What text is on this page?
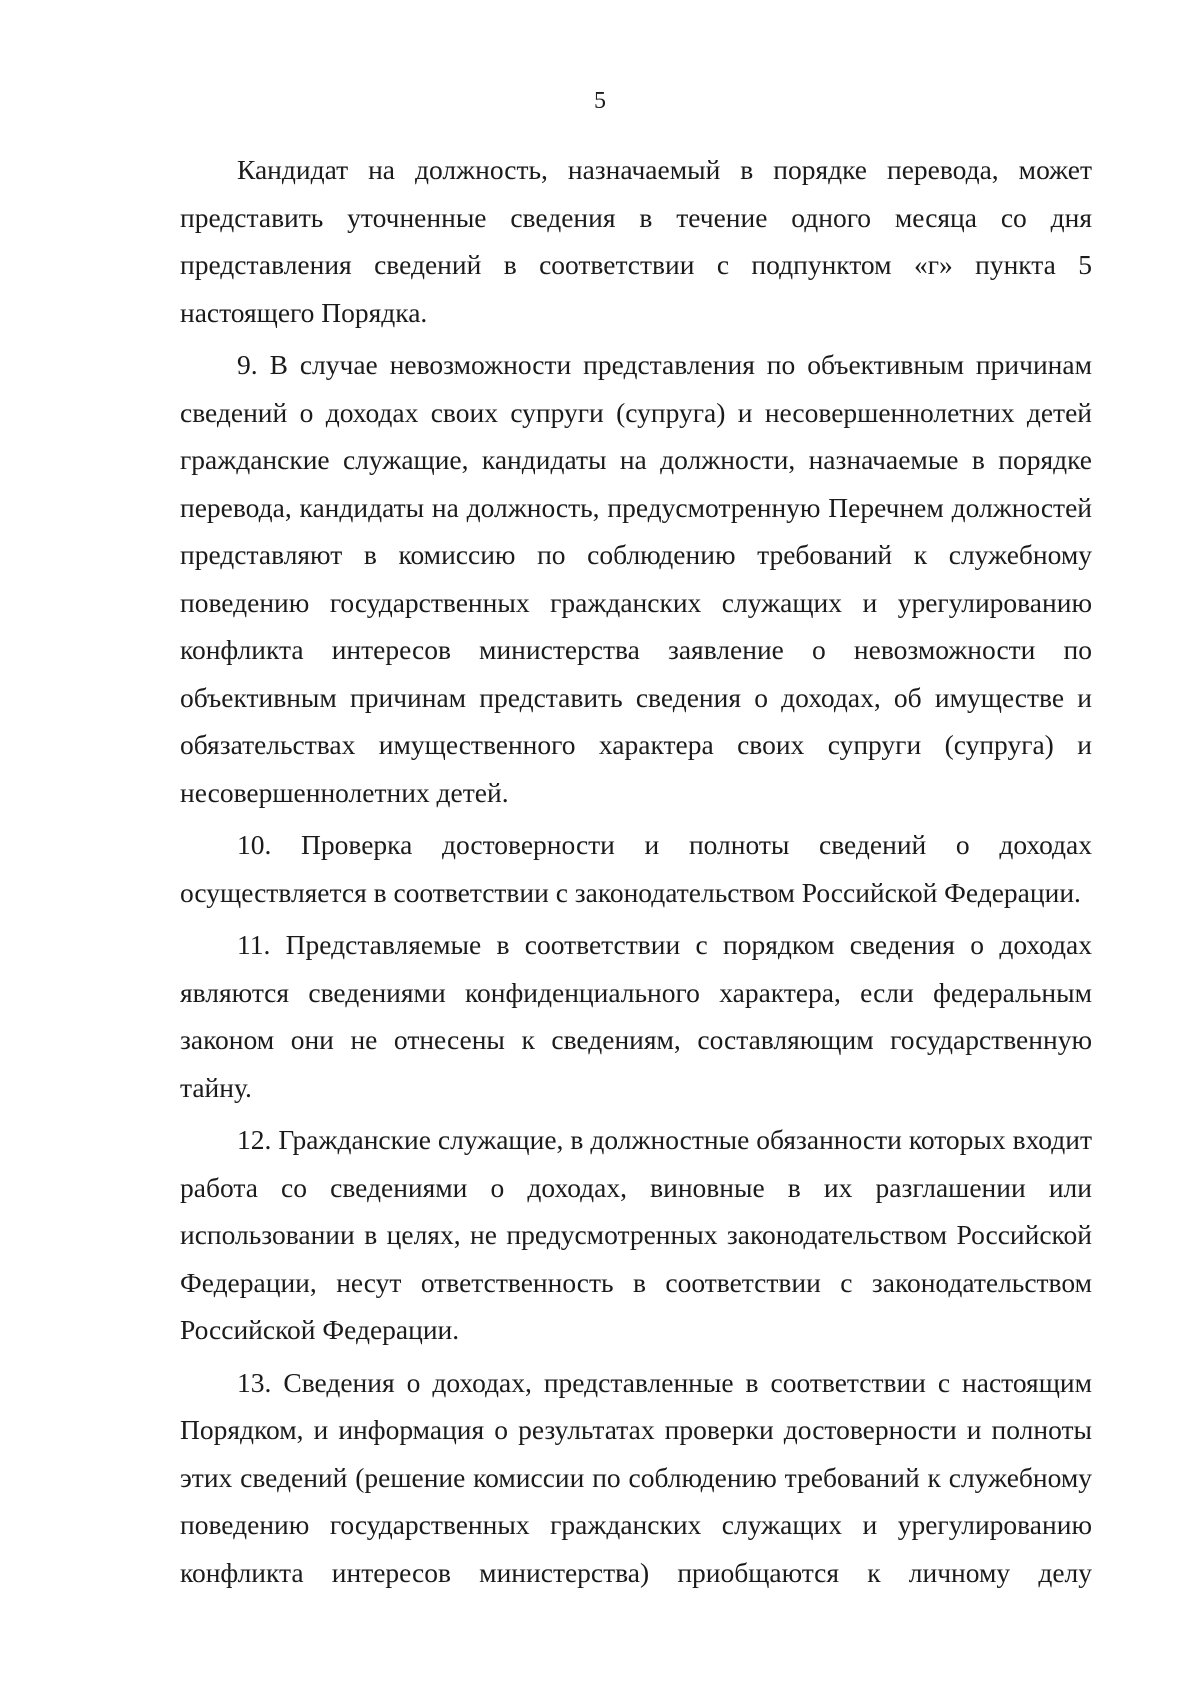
5

Кандидат на должность, назначаемый в порядке перевода, может представить уточненные сведения в течение одного месяца со дня представления сведений в соответствии с подпунктом «г» пункта 5 настоящего Порядка.

9. В случае невозможности представления по объективным причинам сведений о доходах своих супруги (супруга) и несовершеннолетних детей гражданские служащие, кандидаты на должности, назначаемые в порядке перевода, кандидаты на должность, предусмотренную Перечнем должностей представляют в комиссию по соблюдению требований к служебному поведению государственных гражданских служащих и урегулированию конфликта интересов министерства заявление о невозможности по объективным причинам представить сведения о доходах, об имуществе и обязательствах имущественного характера своих супруги (супруга) и несовершеннолетних детей.

10. Проверка достоверности и полноты сведений о доходах осуществляется в соответствии с законодательством Российской Федерации.

11. Представляемые в соответствии с порядком сведения о доходах являются сведениями конфиденциального характера, если федеральным законом они не отнесены к сведениям, составляющим государственную тайну.

12. Гражданские служащие, в должностные обязанности которых входит работа со сведениями о доходах, виновные в их разглашении или использовании в целях, не предусмотренных законодательством Российской Федерации, несут ответственность в соответствии с законодательством Российской Федерации.

13. Сведения о доходах, представленные в соответствии с настоящим Порядком, и информация о результатах проверки достоверности и полноты этих сведений (решение комиссии по соблюдению требований к служебному поведению государственных гражданских служащих и урегулированию конфликта интересов министерства) приобщаются к личному делу
